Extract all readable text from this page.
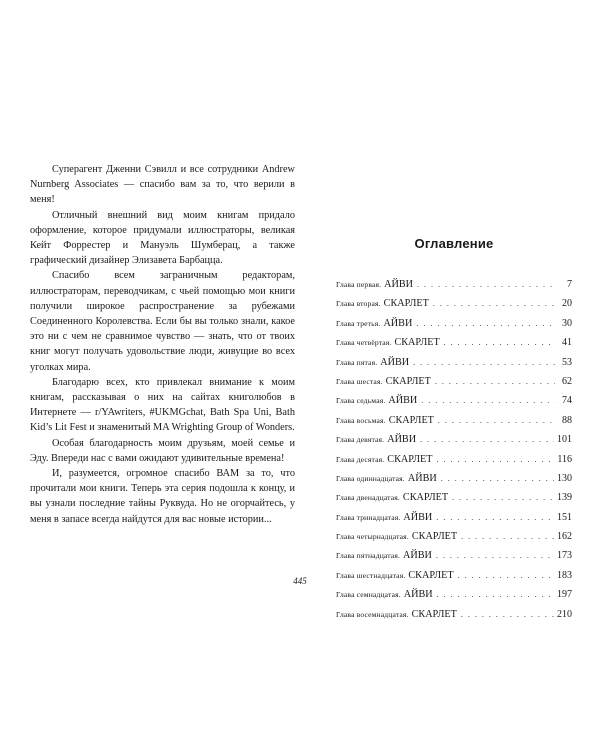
Суперагент Дженни Сэвилл и все сотрудники Andrew Nurnberg Associates — спасибо вам за то, что верили в меня!

Отличный внешний вид моим книгам придало оформление, которое придумали иллюстраторы, великая Кейт Форрестер и Мануэль Шумберац, а также графический дизайнер Элизавета Барбацца.

Спасибо всем заграничным редакторам, иллюстраторам, переводчикам, с чьей помощью мои книги получили широкое распространение за рубежами Соединенного Королевства. Если бы вы только знали, какое это ни с чем не сравнимое чувство — знать, что от твоих книг могут получать удовольствие люди, живущие во всех уголках мира.

Благодарю всех, кто привлекал внимание к моим книгам, рассказывая о них на сайтах книголюбов в Интернете — r/YAwriters, #UKMGchat, Bath Spa Uni, Bath Kid’s Lit Fest и знаменитый MA Wrighting Group of Wonders.

Особая благодарность моим друзьям, моей семье и Эду. Впереди нас с вами ожидают удивительные времена!

И, разумеется, огромное спасибо ВАМ за то, что прочитали мои книги. Теперь эта серия подошла к концу, и вы узнали последние тайны Руквуда. Но не огорчайтесь, у меня в запасе всегда найдутся для вас новые истории...

Оглавление
Глава первая. АЙВИ . . .	7
Глава вторая. СКАРЛЕТ . . .	20
Глава третья. АЙВИ . . .	30
Глава четвёртая. СКАРЛЕТ . . .	41
Глава пятая. АЙВИ . . .	53
Глава шестая. СКАРЛЕТ . . .	62
Глава седьмая. АЙВИ . . .	74
Глава восьмая. СКАРЛЕТ . . .	88
Глава девятая. АЙВИ . . .	101
Глава десятая. СКАРЛЕТ . . .	116
Глава одиннадцатая. АЙВИ . . .	130
Глава двенадцатая. СКАРЛЕТ . . .	139
Глава тринадцатая. АЙВИ . . .	151
Глава четырнадцатая. СКАРЛЕТ . . .	162
Глава пятнадцатая. АЙВИ . . .	173
Глава шестнадцатая. СКАРЛЕТ . . .	183
Глава семнадцатая. АЙВИ . . .	197
Глава восемнадцатая. СКАРЛЕТ . . .	210
445
